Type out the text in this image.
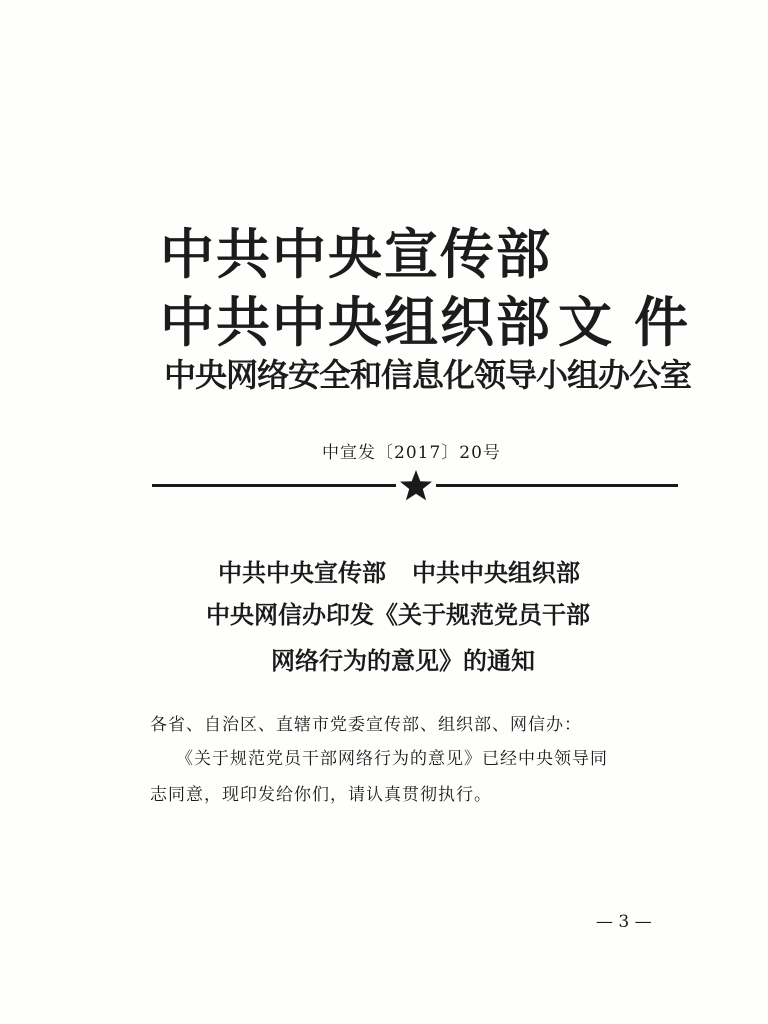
中共中央宣传部
中共中央组织部 文件
中央网络安全和信息化领导小组办公室
中宣发〔2017〕20号
中共中央宣传部 中共中央组织部
中央网信办印发《关于规范党员干部
网络行为的意见》的通知
各省、自治区、直辖市党委宣传部、组织部、网信办：
《关于规范党员干部网络行为的意见》已经中央领导同
志同意，现印发给你们，请认真贯彻执行。
— 3 —
